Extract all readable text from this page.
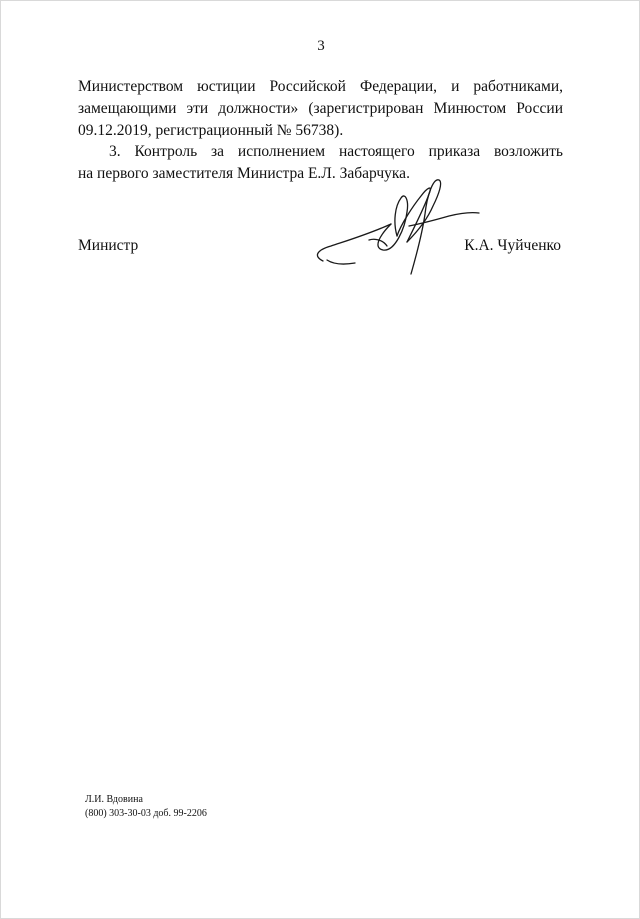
3
Министерством юстиции Российской Федерации, и работниками,
замещающими эти должности» (зарегистрирован Минюстом России
09.12.2019, регистрационный № 56738).
3. Контроль за исполнением настоящего приказа возложить
на первого заместителя Министра Е.Л. Забарчука.
Министр	К.А. Чуйченко
Л.И. Вдовина
(800) 303-30-03 доб. 99-2206
